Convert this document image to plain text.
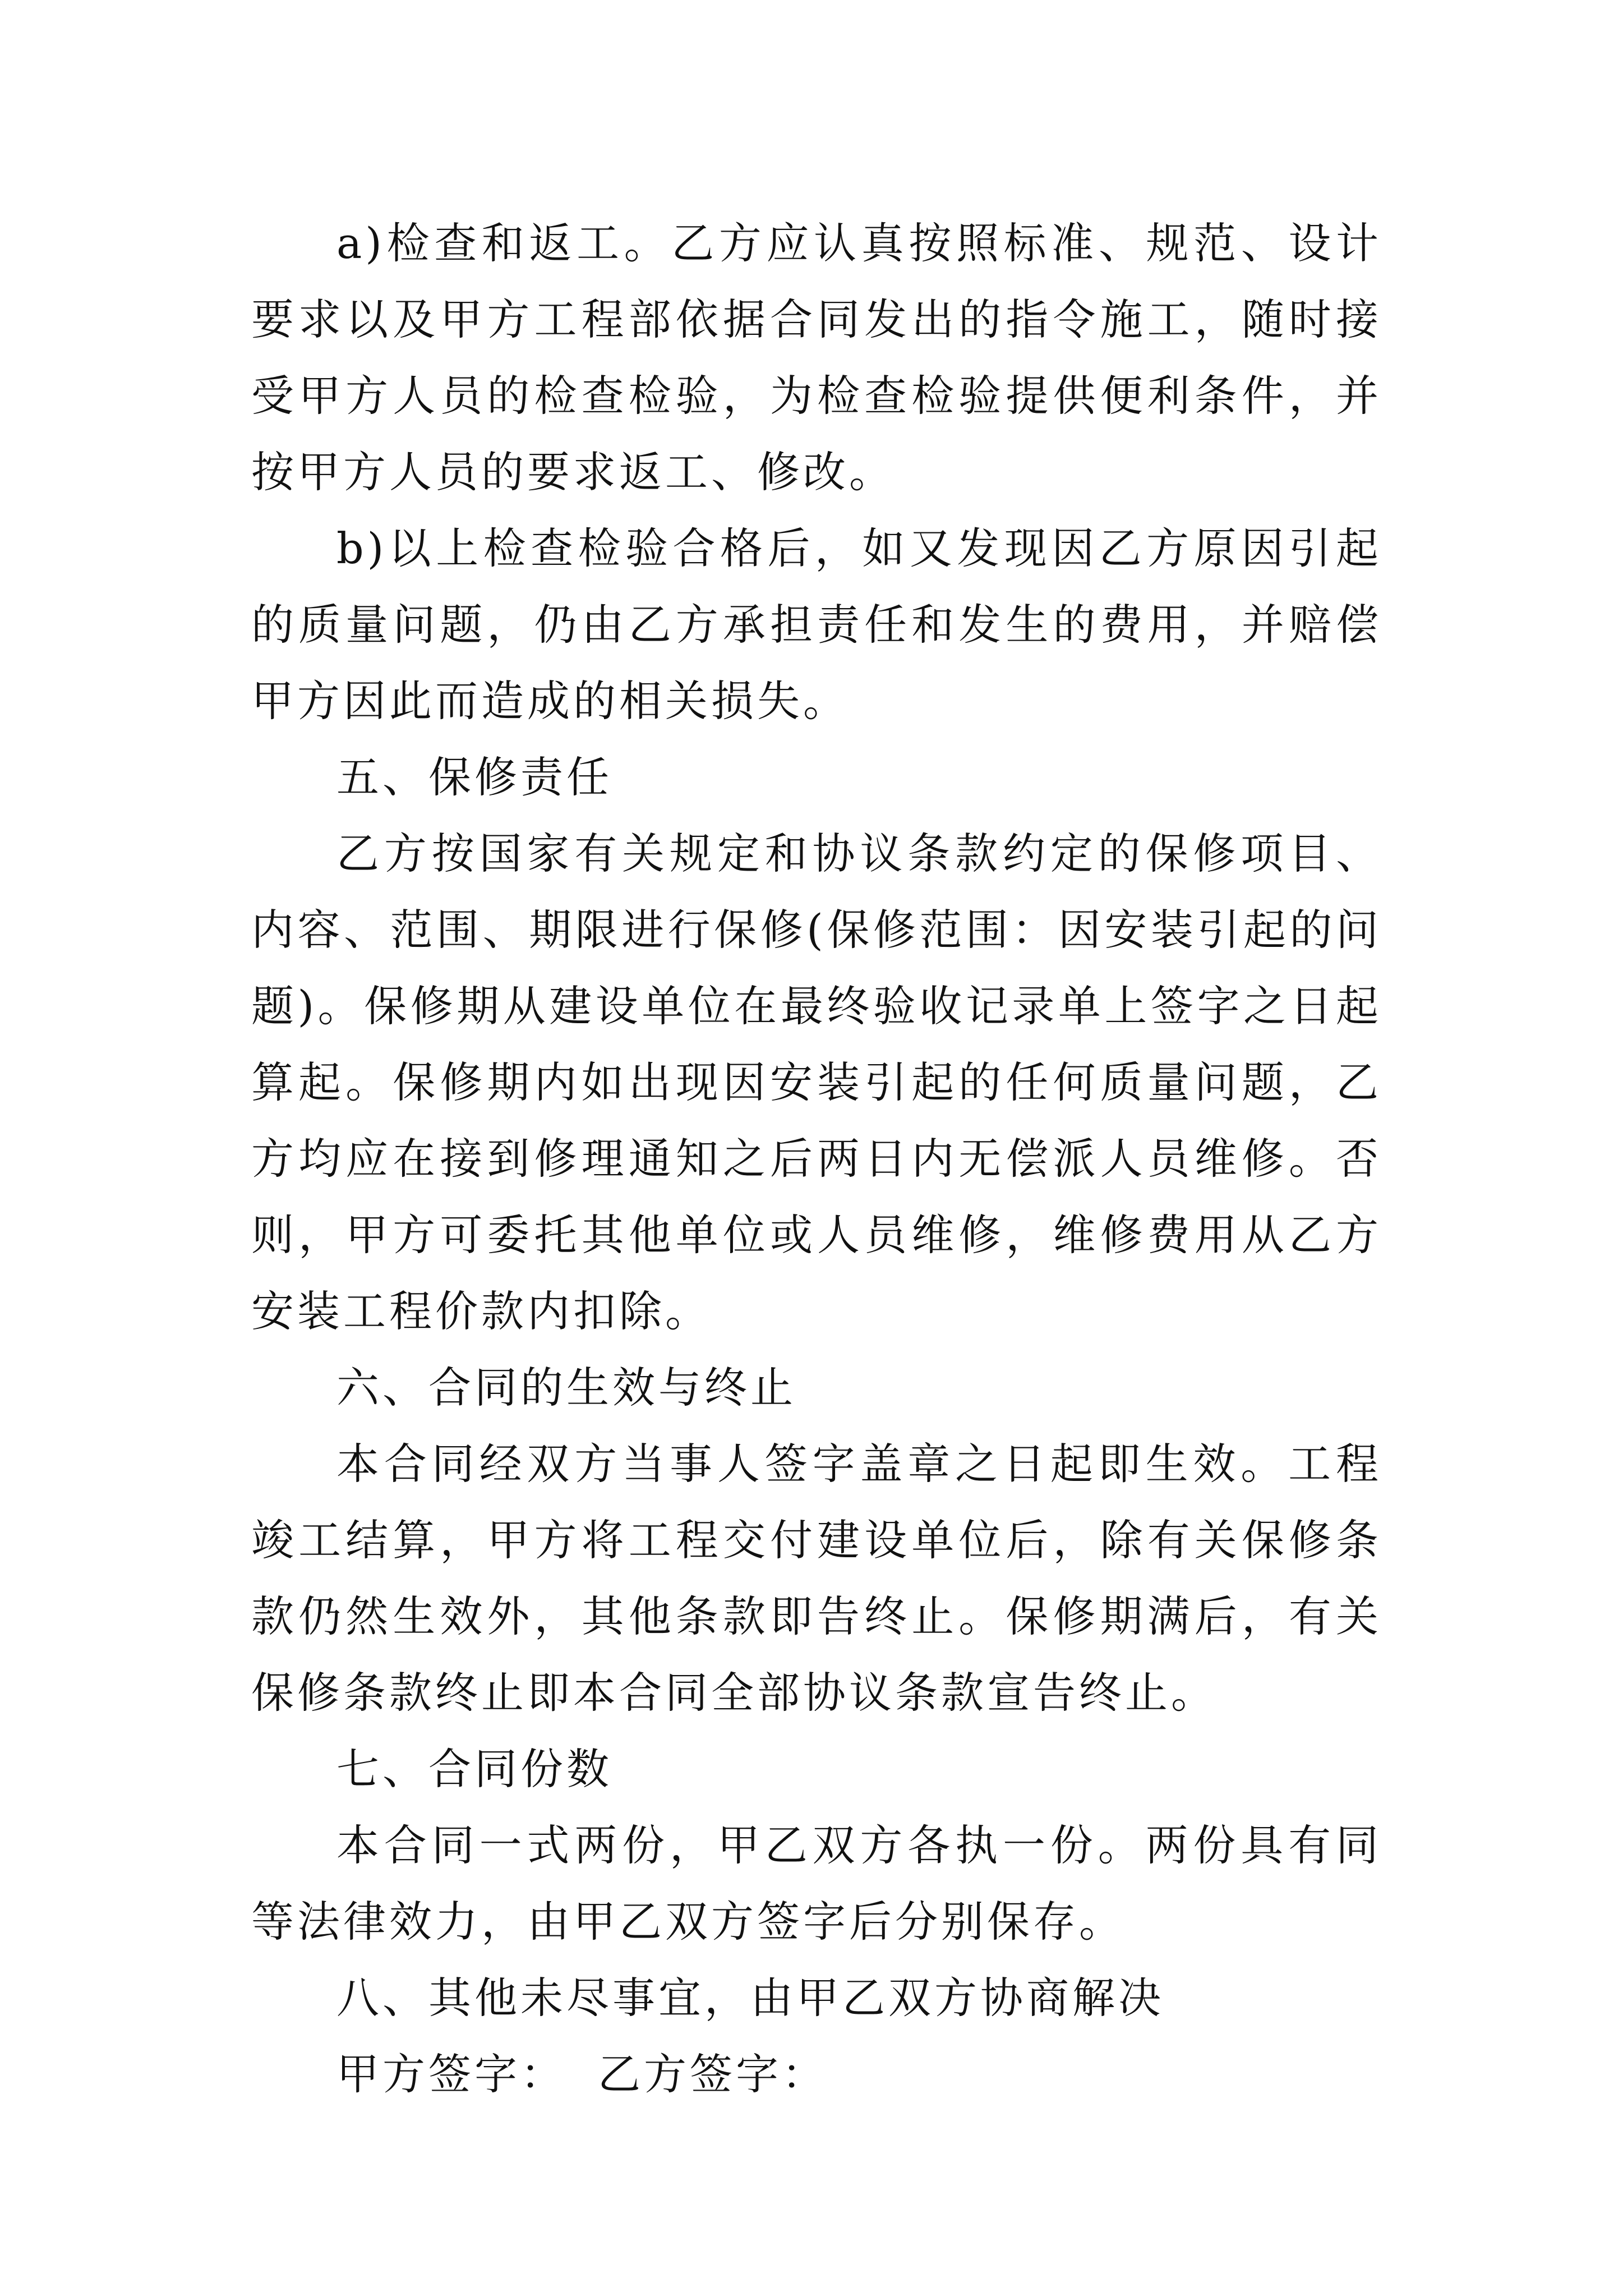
a)检查和返工。乙方应认真按照标准、规范、设计要求以及甲方工程部依据合同发出的指令施工，随时接受甲方人员的检查检验，为检查检验提供便利条件，并按甲方人员的要求返工、修改。

b)以上检查检验合格后，如又发现因乙方原因引起的质量问题，仍由乙方承担责任和发生的费用，并赔偿甲方因此而造成的相关损失。

五、保修责任

乙方按国家有关规定和协议条款约定的保修项目、内容、范围、期限进行保修(保修范围：因安装引起的问题)。保修期从建设单位在最终验收记录单上签字之日起算起。保修期内如出现因安装引起的任何质量问题，乙方均应在接到修理通知之后两日内无偿派人员维修。否则，甲方可委托其他单位或人员维修，维修费用从乙方安装工程价款内扣除。

六、合同的生效与终止

本合同经双方当事人签字盖章之日起即生效。工程竣工结算，甲方将工程交付建设单位后，除有关保修条款仍然生效外，其他条款即告终止。保修期满后，有关保修条款终止即本合同全部协议条款宣告终止。

七、合同份数

本合同一式两份，甲乙双方各执一份。两份具有同等法律效力，由甲乙双方签字后分别保存。

八、其他未尽事宜，由甲乙双方协商解决

甲方签字： 乙方签字：
